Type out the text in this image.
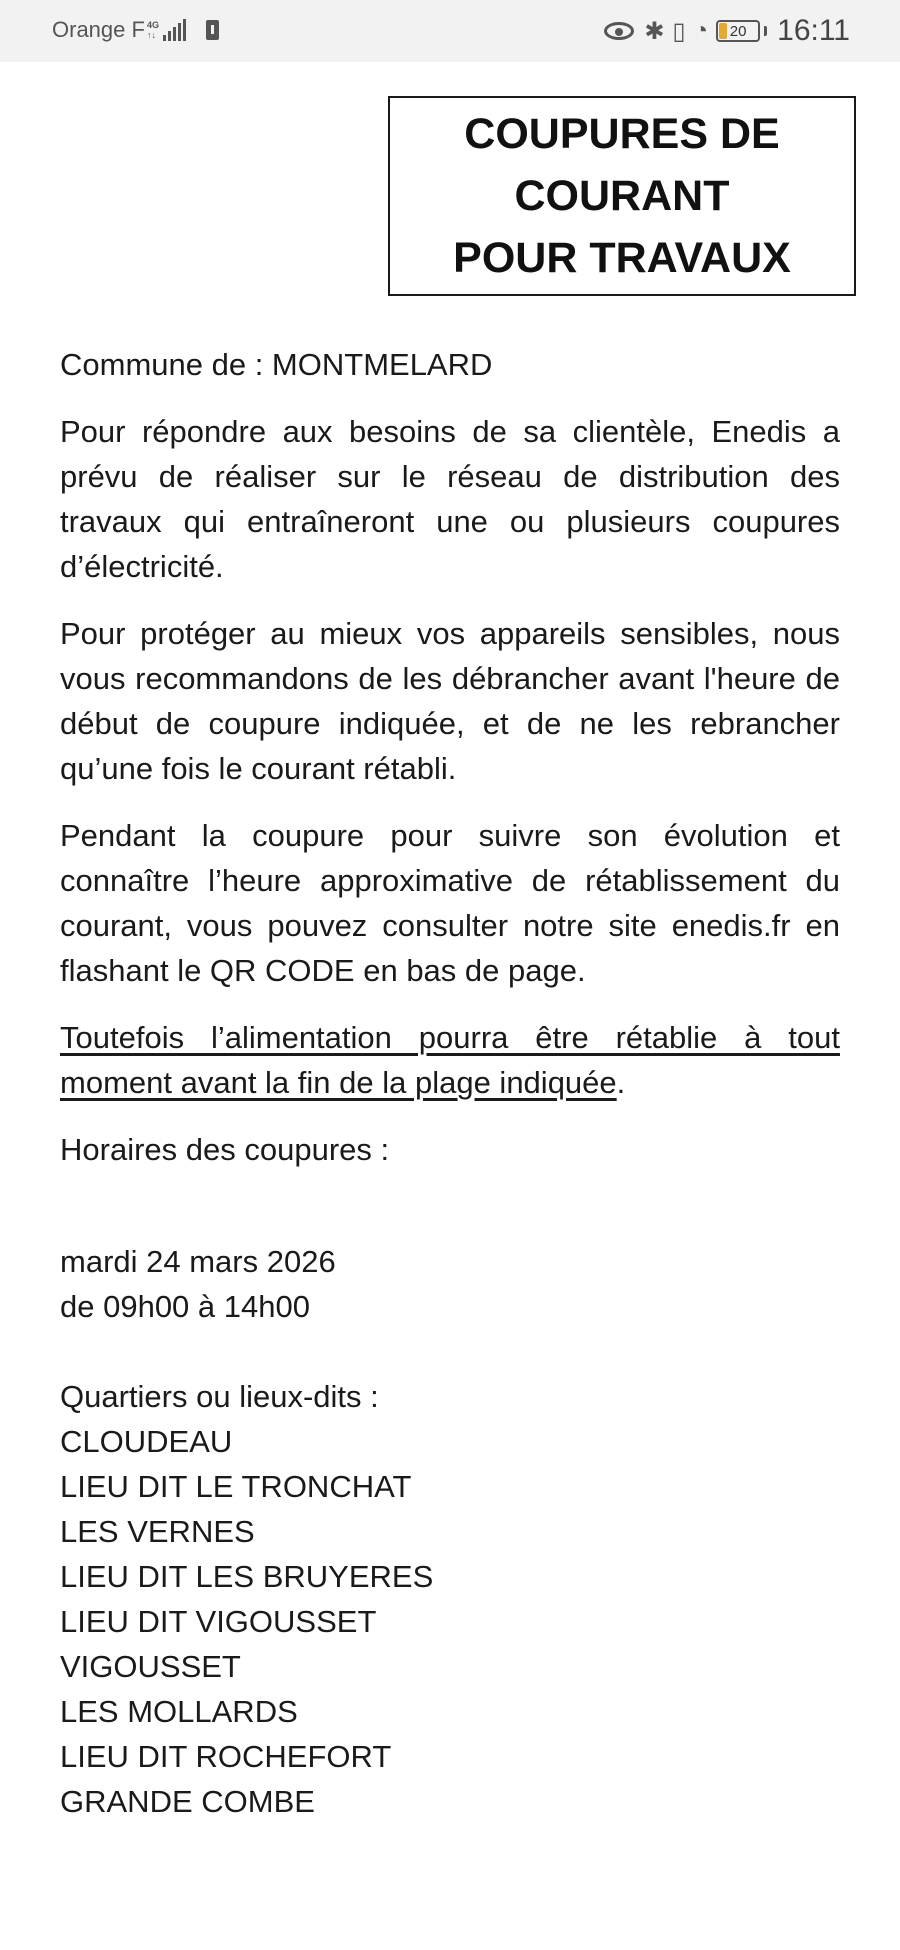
Orange F 4G
↑↓	✱ ▯ ◔ 20 16:11
COUPURES DE
COURANT
POUR TRAVAUX

Commune de : MONTMELARD

Pour répondre aux besoins de sa clientèle, Enedis a prévu de réaliser sur le réseau de distribution des travaux qui entraîneront une ou plusieurs coupures d’électricité.

Pour protéger au mieux vos appareils sensibles, nous vous recommandons de les débrancher avant l'heure de début de coupure indiquée, et de ne les rebrancher qu’une fois le courant rétabli.

Pendant la coupure pour suivre son évolution et connaître l’heure approximative de rétablissement du courant, vous pouvez consulter notre site enedis.fr en flashant le QR CODE en bas de page.

Toutefois l’alimentation pourra être rétablie à tout moment avant la fin de la plage indiquée.

Horaires des coupures :

mardi 24 mars 2026
de 09h00 à 14h00
Quartiers ou lieux-dits :
CLOUDEAU
LIEU DIT LE TRONCHAT
LES VERNES
LIEU DIT LES BRUYERES
LIEU DIT VIGOUSSET
VIGOUSSET
LES MOLLARDS
LIEU DIT ROCHEFORT
GRANDE COMBE
